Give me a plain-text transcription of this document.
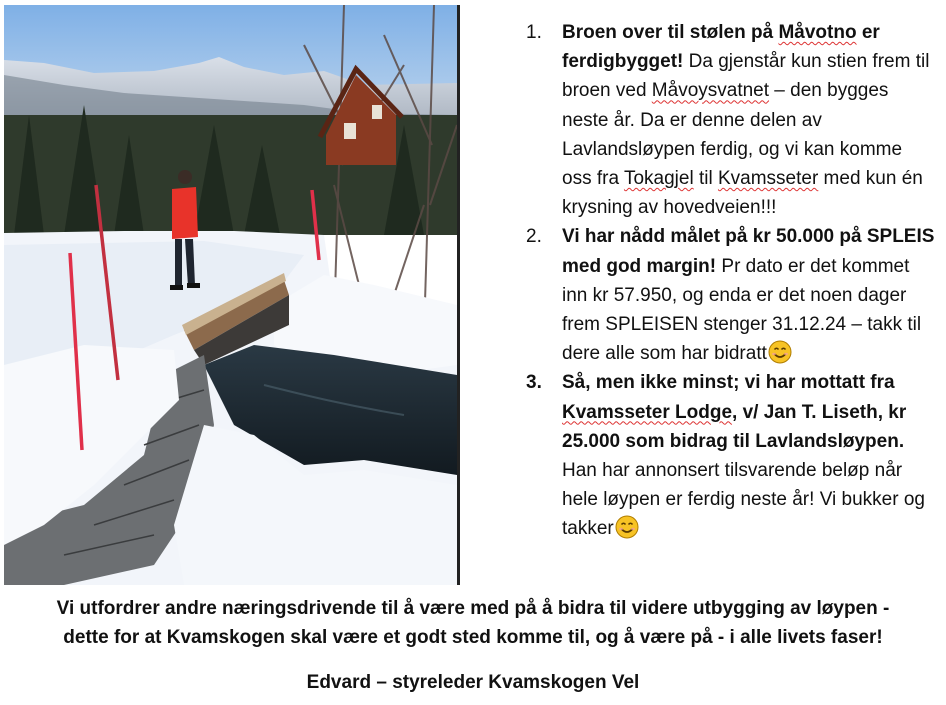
1.	Broen over til stølen på Måvotno er ferdigbygget! Da gjenstår kun stien frem til broen ved Måvoysvatnet – den bygges neste år. Da er denne delen av Lavlandsløypen ferdig, og vi kan komme oss fra Tokagjel til Kvamsseter med kun én krysning av hovedveien!!!
2.	Vi har nådd målet på kr 50.000 på SPLEIS med god margin! Pr dato er det kommet inn kr 57.950, og enda er det noen dager frem SPLEISEN stenger 31.12.24 – takk til dere alle som har bidratt
3.	Så, men ikke minst; vi har mottatt fra Kvamsseter Lodge, v/ Jan T. Liseth, kr 25.000 som bidrag til Lavlandsløypen. Han har annonsert tilsvarende beløp når hele løypen er ferdig neste år! Vi bukker og takker
Vi utfordrer andre næringsdrivende til å være med på å bidra til videre utbygging av løypen -
dette for at Kvamskogen skal være et godt sted komme til, og å være på - i alle livets faser!
Edvard – styreleder Kvamskogen Vel
